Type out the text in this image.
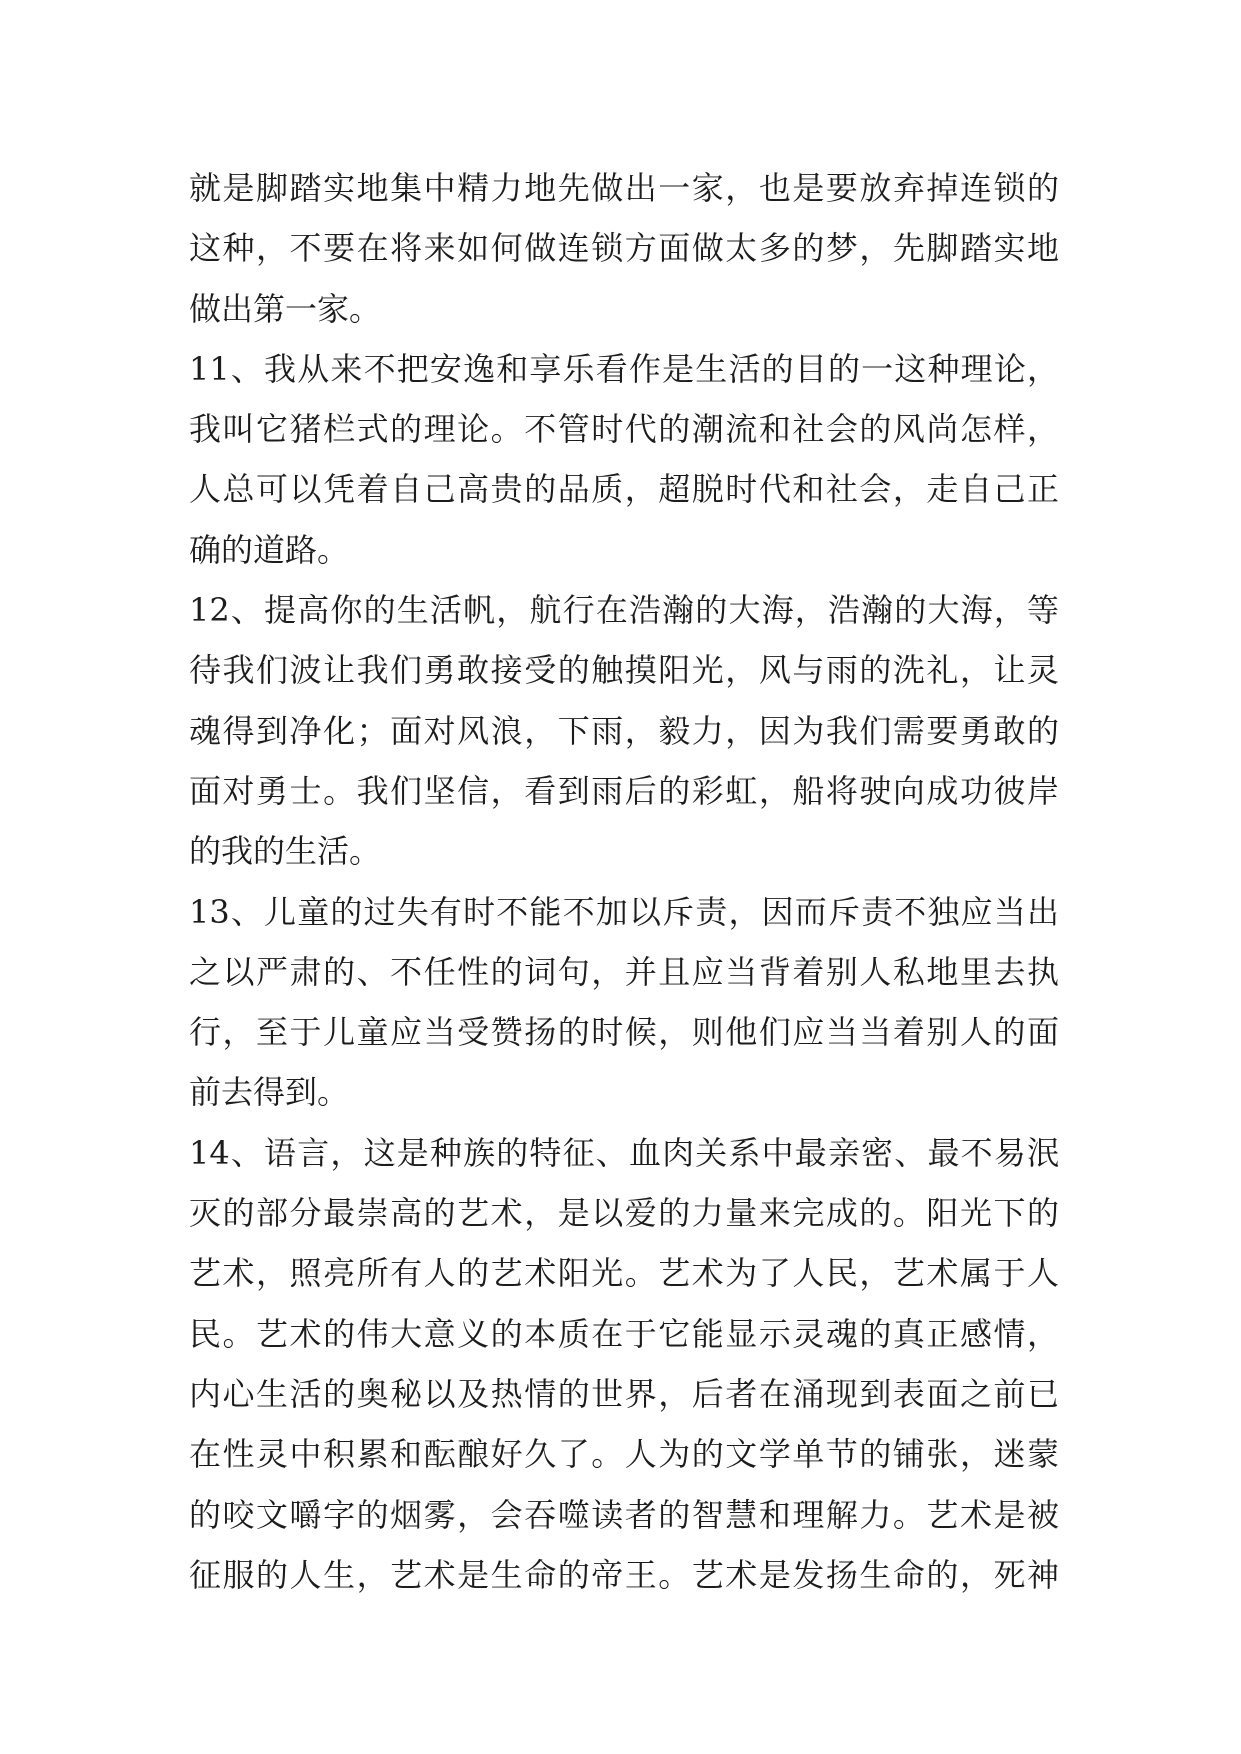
就是脚踏实地集中精力地先做出一家，也是要放弃掉连锁的
这种，不要在将来如何做连锁方面做太多的梦，先脚踏实地
做出第一家。
11、我从来不把安逸和享乐看作是生活的目的一这种理论，
我叫它猪栏式的理论。不管时代的潮流和社会的风尚怎样，
人总可以凭着自己高贵的品质，超脱时代和社会，走自己正
确的道路。
12、提高你的生活帆，航行在浩瀚的大海，浩瀚的大海，等
待我们波让我们勇敢接受的触摸阳光，风与雨的洗礼，让灵
魂得到净化；面对风浪，下雨，毅力，因为我们需要勇敢的
面对勇士。我们坚信，看到雨后的彩虹，船将驶向成功彼岸
的我的生活。
13、儿童的过失有时不能不加以斥责，因而斥责不独应当出
之以严肃的、不任性的词句，并且应当背着别人私地里去执
行，至于儿童应当受赞扬的时候，则他们应当当着别人的面
前去得到。
14、语言，这是种族的特征、血肉关系中最亲密、最不易泯
灭的部分最崇高的艺术，是以爱的力量来完成的。阳光下的
艺术，照亮所有人的艺术阳光。艺术为了人民，艺术属于人
民。艺术的伟大意义的本质在于它能显示灵魂的真正感情，
内心生活的奥秘以及热情的世界，后者在涌现到表面之前已
在性灵中积累和酝酿好久了。人为的文学单节的铺张，迷蒙
的咬文嚼字的烟雾，会吞噬读者的智慧和理解力。艺术是被
征服的人生，艺术是生命的帝王。艺术是发扬生命的，死神
